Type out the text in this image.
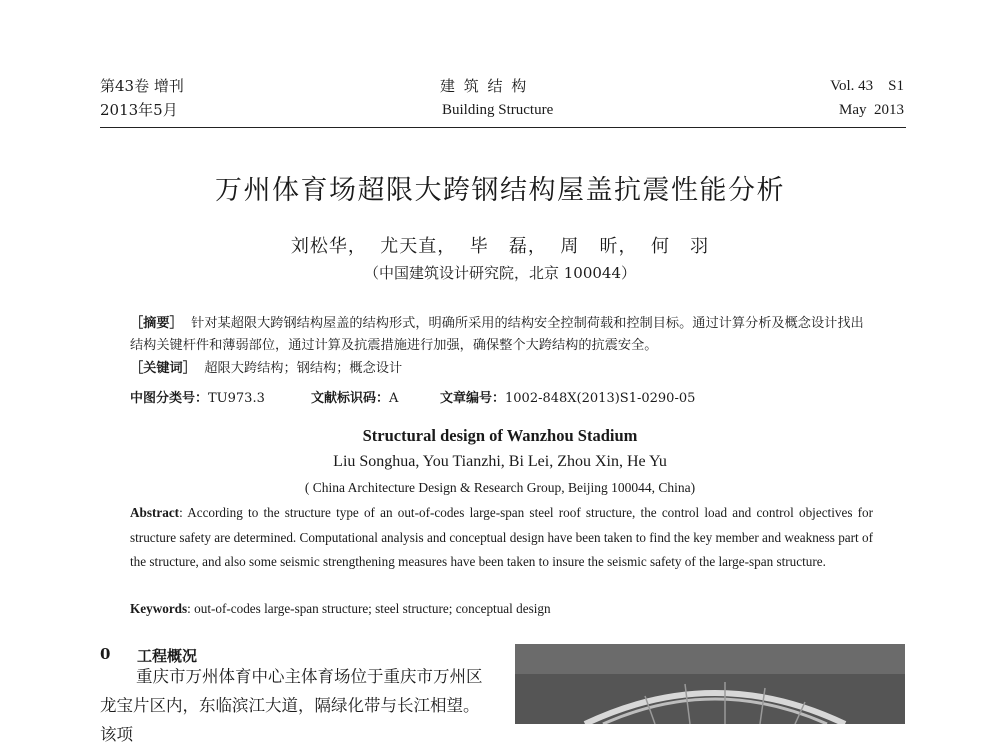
第43卷 增刊
2013年5月
建 筑 结 构
Building Structure
Vol. 43    S1
May  2013
万州体育场超限大跨钢结构屋盖抗震性能分析
刘松华，  尤天直，  毕   磊，  周   昕，  何   羽
（中国建筑设计研究院，北京 100044）
［摘要］ 针对某超限大跨钢结构屋盖的结构形式，明确所采用的结构安全控制荷载和控制目标。通过计算分析及概念设计找出结构关键杆件和薄弱部位，通过计算及抗震措施进行加强，确保整个大跨结构的抗震安全。
［关键词］ 超限大跨结构；钢结构；概念设计
中图分类号：TU973.3	文献标识码：A	文章编号：1002-848X(2013)S1-0290-05
Structural design of Wanzhou Stadium
Liu Songhua, You Tianzhi, Bi Lei, Zhou Xin, He Yu
( China Architecture Design & Research Group, Beijing 100044, China)
Abstract: According to the structure type of an out-of-codes large-span steel roof structure, the control load and control objectives for structure safety are determined. Computational analysis and conceptual design have been taken to find the key member and weakness part of the structure, and also some seismic strengthening measures have been taken to insure the seismic safety of the large-span structure.
Keywords: out-of-codes large-span structure; steel structure; conceptual design
0 工程概况
重庆市万州体育中心主体育场位于重庆市万州区龙宝片区内，东临滨江大道，隔绿化带与长江相望。该项
